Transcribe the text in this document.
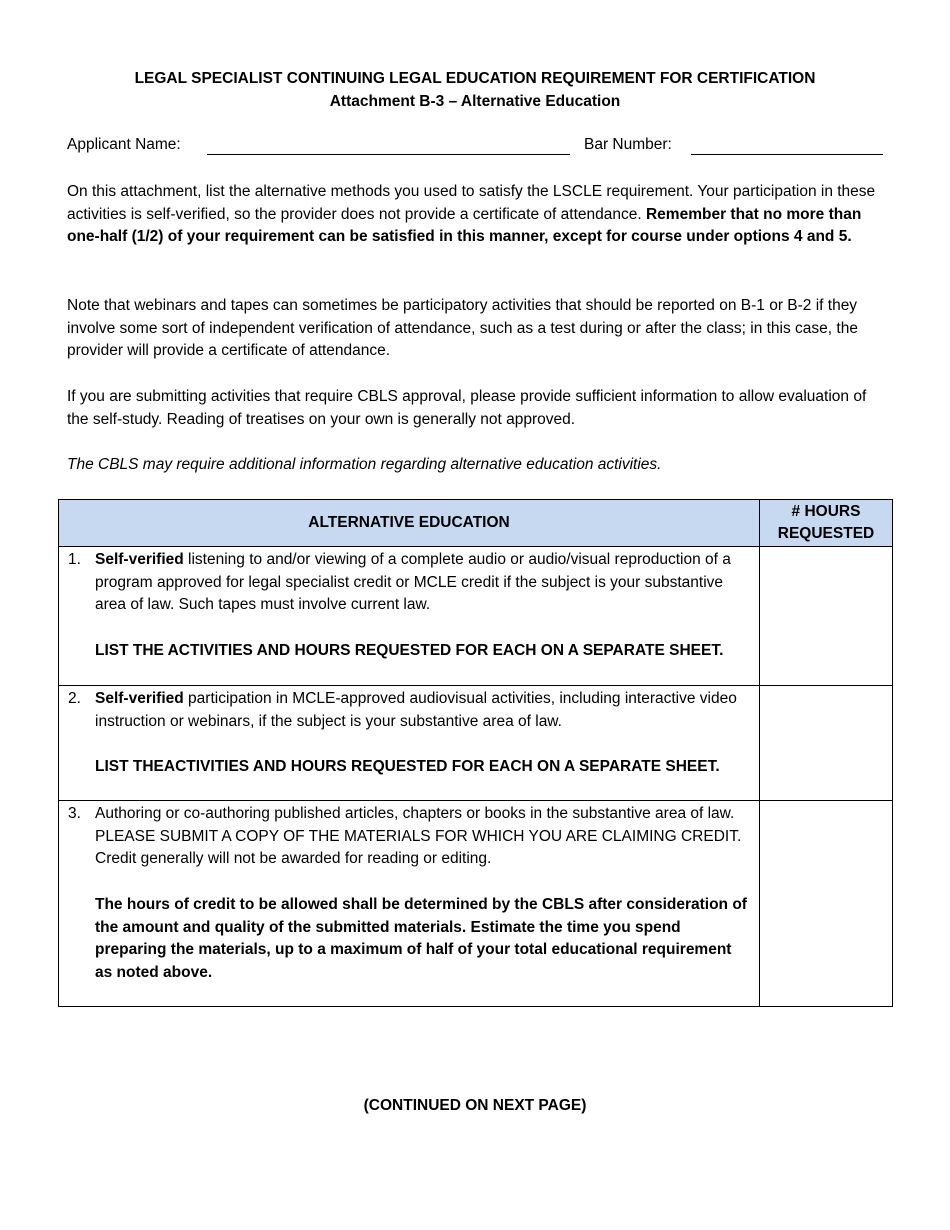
LEGAL SPECIALIST CONTINUING LEGAL EDUCATION REQUIREMENT FOR CERTIFICATION
Attachment B-3 – Alternative Education
Applicant Name:	Bar Number:
On this attachment, list the alternative methods you used to satisfy the LSCLE requirement. Your participation in these activities is self-verified, so the provider does not provide a certificate of attendance. Remember that no more than one-half (1/2) of your requirement can be satisfied in this manner, except for course under options 4 and 5.
Note that webinars and tapes can sometimes be participatory activities that should be reported on B-1 or B-2 if they involve some sort of independent verification of attendance, such as a test during or after the class; in this case, the provider will provide a certificate of attendance.
If you are submitting activities that require CBLS approval, please provide sufficient information to allow evaluation of the self-study. Reading of treatises on your own is generally not approved.
The CBLS may require additional information regarding alternative education activities.
ALTERNATIVE EDUCATION	# HOURS
REQUESTED

1. Self-verified listening to and/or viewing of a complete audio or audio/visual reproduction of a program approved for legal specialist credit or MCLE credit if the subject is your substantive area of law. Such tapes must involve current law.
LIST THE ACTIVITIES AND HOURS REQUESTED FOR EACH ON A SEPARATE SHEET.	

2. Self-verified participation in MCLE-approved audiovisual activities, including interactive video instruction or webinars, if the subject is your substantive area of law.
LIST THEACTIVITIES AND HOURS REQUESTED FOR EACH ON A SEPARATE SHEET.	

3. Authoring or co-authoring published articles, chapters or books in the substantive area of law. PLEASE SUBMIT A COPY OF THE MATERIALS FOR WHICH YOU ARE CLAIMING CREDIT. Credit generally will not be awarded for reading or editing.
The hours of credit to be allowed shall be determined by the CBLS after consideration of the amount and quality of the submitted materials. Estimate the time you spend preparing the materials, up to a maximum of half of your total educational requirement as noted above.	

(CONTINUED ON NEXT PAGE)
